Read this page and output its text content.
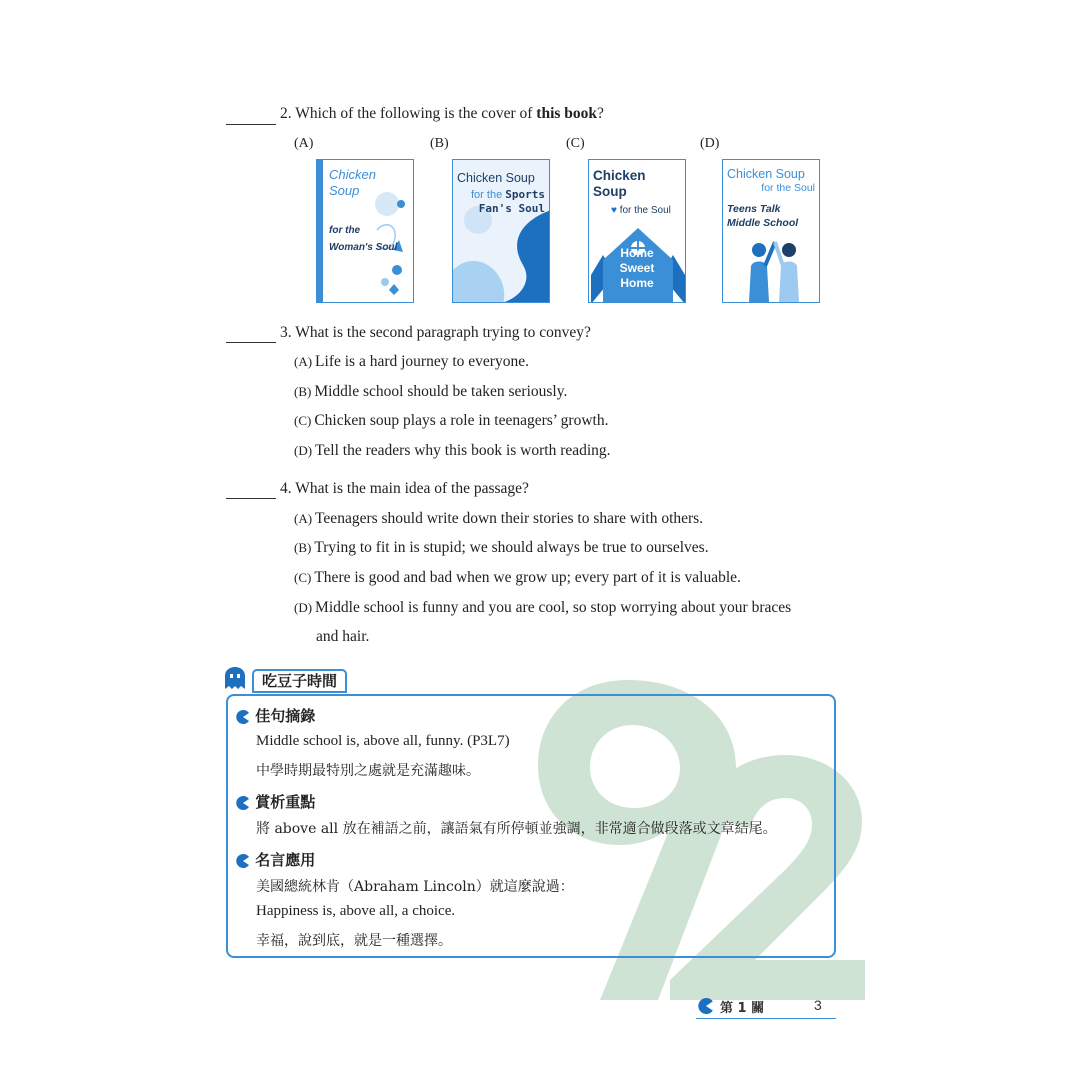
2. Which of the following is the cover of this book?
(A)	(B)	(C)	(D)
Chicken
Soup
for the
Woman's Soul
Chicken Soup
for the Sports
Fan's Soul
Chicken
Soup
♥ for the Soul
Home
Sweet
Home
Chicken Soup
for the Soul
Teens Talk
Middle School
3. What is the second paragraph trying to convey?
(A) Life is a hard journey to everyone.
(B) Middle school should be taken seriously.
(C) Chicken soup plays a role in teenagers’ growth.
(D) Tell the readers why this book is worth reading.
4. What is the main idea of the passage?
(A) Teenagers should write down their stories to share with others.
(B) Trying to fit in is stupid; we should always be true to ourselves.
(C) There is good and bad when we grow up; every part of it is valuable.
(D) Middle school is funny and you are cool, so stop worrying about your braces
and hair.
吃豆子時間
佳句摘錄
Middle school is, above all, funny. (P3L7)
中學時期最特別之處就是充滿趣味。
賞析重點
將 above all 放在補語之前，讓語氣有所停頓並強調，非常適合做段落或文章結尾。
名言應用
美國總統林肯（Abraham Lincoln）就這麼說過：
Happiness is, above all, a choice.
幸福，說到底，就是一種選擇。
第 1 關	3
